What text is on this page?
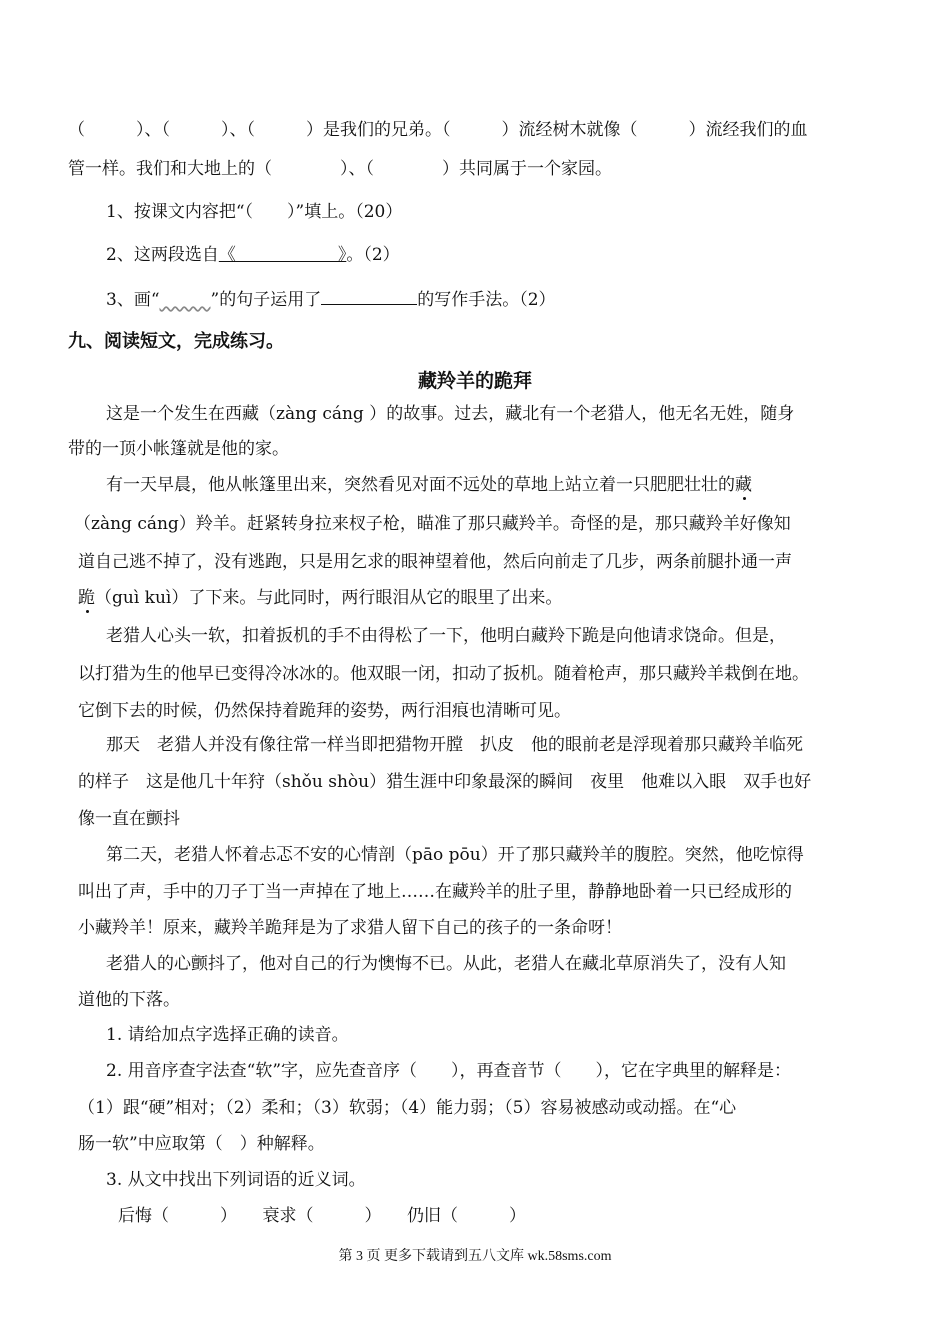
（　　　）、（　　　）、（　　　）是我们的兄弟。（　　　）流经树木就像（　　　）流经我们的血
管一样。我们和大地上的（　　　　）、（　　　　）共同属于一个家园。
1、按课文内容把“（　　）”填上。（20）
2、这两段选自《　　　　　　》。（2）
3、画“　　　	”的句子运用了	的写作手法。（2）
九、阅读短文，完成练习。
藏羚羊的跪拜
这是一个发生在西藏（zàng cáng ）的故事。过去，藏北有一个老猎人，他无名无姓，随身
带的一顶小帐篷就是他的家。
有一天早晨，他从帐篷里出来，突然看见对面不远处的草地上站立着一只肥肥壮壮的藏
（zàng cáng）羚羊。赶紧转身拉来杈子枪，瞄准了那只藏羚羊。奇怪的是，那只藏羚羊好像知
道自己逃不掉了，没有逃跑，只是用乞求的眼神望着他，然后向前走了几步，两条前腿扑通一声
跪（guì kuì）了下来。与此同时，两行眼泪从它的眼里了出来。
老猎人心头一软，扣着扳机的手不由得松了一下，他明白藏羚下跪是向他请求饶命。但是，
以打猎为生的他早已变得冷冰冰的。他双眼一闭，扣动了扳机。随着枪声，那只藏羚羊栽倒在地。
它倒下去的时候，仍然保持着跪拜的姿势，两行泪痕也清晰可见。
那天　老猎人并没有像往常一样当即把猎物开膛　扒皮　他的眼前老是浮现着那只藏羚羊临死
的样子　这是他几十年狩（shǒu shòu）猎生涯中印象最深的瞬间　夜里　他难以入眼　双手也好
像一直在颤抖
第二天，老猎人怀着忐忑不安的心情剖（pāo pōu）开了那只藏羚羊的腹腔。突然，他吃惊得
叫出了声，手中的刀子丁当一声掉在了地上……在藏羚羊的肚子里，静静地卧着一只已经成形的
小藏羚羊！原来，藏羚羊跪拜是为了求猎人留下自己的孩子的一条命呀！
老猎人的心颤抖了，他对自己的行为懊悔不已。从此，老猎人在藏北草原消失了，没有人知
道他的下落。
1. 请给加点字选择正确的读音。
2. 用音序查字法查“软”字，应先查音序（　　），再查音节（　　），它在字典里的解释是：
（1）跟“硬”相对；（2）柔和；（3）软弱；（4）能力弱；（5）容易被感动或动摇。在“心
肠一软”中应取第（　）种解释。
3. 从文中找出下列词语的近义词。
后悔（　　　）　　衰求（　　　）　　仍旧（　　　）
第 3 页 更多下载请到五八文库 wk.58sms.com
